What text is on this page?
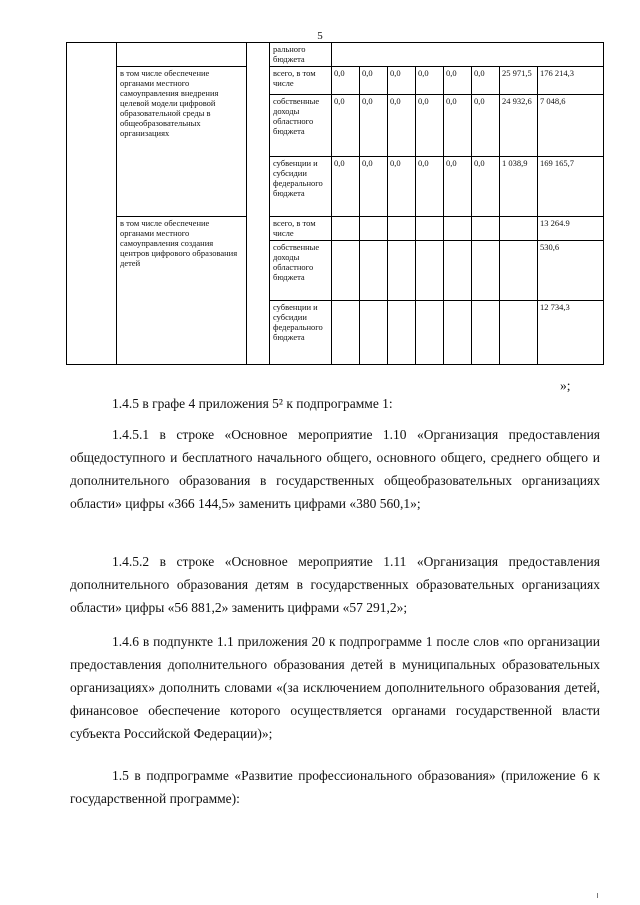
5
			рального бюджета								
	в том числе обеспечение органами местного самоуправления внедрения целевой модели цифровой образовательной среды в общеобразовательных организациях		всего, в том числе	0,0	0,0	0,0	0,0	0,0	0,0	25 971,5	176 214,3
			собственные доходы областного бюджета	0,0	0,0	0,0	0,0	0,0	0,0	24 932,6	7 048,6
			субвенции и субсидии федерального бюджета	0,0	0,0	0,0	0,0	0,0	0,0	1 038,9	169 165,7
	в том числе обеспечение органами местного самоуправления создания центров цифрового образования детей		всего, в том числе								13 264.9
			собственные доходы областного бюджета								530,6
			субвенции и субсидии федерального бюджета								12 734,3
»;

1.4.5 в графе 4 приложения 5² к подпрограмме 1:

1.4.5.1 в строке «Основное мероприятие 1.10 «Организация предоставления общедоступного и бесплатного начального общего, основного общего, среднего общего и дополнительного образования в государственных общеобразовательных организациях области» цифры «366 144,5» заменить цифрами «380 560,1»;

1.4.5.2 в строке «Основное мероприятие 1.11 «Организация предоставления дополнительного образования детям в государственных образовательных организациях области» цифры «56 881,2» заменить цифрами «57 291,2»;

1.4.6 в подпункте 1.1 приложения 20 к подпрограмме 1 после слов «по организации предоставления дополнительного образования детей в муниципальных образовательных организациях» дополнить словами «(за исключением дополнительного образования детей, финансовое обеспечение которого осуществляется органами государственной власти субъекта Российской Федерации)»;

1.5 в подпрограмме «Развитие профессионального образования» (приложение 6 к государственной программе):
